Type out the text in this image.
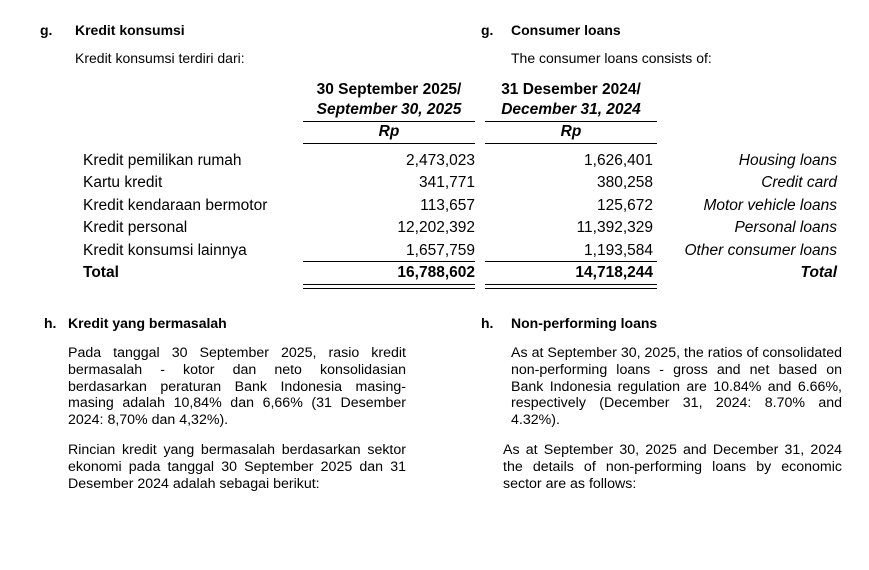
g. Kredit konsumsi
Kredit konsumsi terdiri dari:
g. Consumer loans
The consumer loans consists of:
30 September 2025/
September 30, 2025
Rp
31 Desember 2024/
December 31, 2024
Rp
Kredit pemilikan rumah	2,473,023	1,626,401	Housing loans
Kartu kredit	341,771	380,258	Credit card
Kredit kendaraan bermotor	113,657	125,672	Motor vehicle loans
Kredit personal	12,202,392	11,392,329	Personal loans
Kredit konsumsi lainnya	1,657,759	1,193,584	Other consumer loans
Total	16,788,602	14,718,244	Total
h. Kredit yang bermasalah	h. Non-performing loans
Pada tanggal 30 September 2025, rasio kredit bermasalah - kotor dan neto konsolidasian berdasarkan peraturan Bank Indonesia masing-masing adalah 10,84% dan 6,66% (31 Desember 2024: 8,70% dan 4,32%).
Rincian kredit yang bermasalah berdasarkan sektor ekonomi pada tanggal 30 September 2025 dan 31 Desember 2024 adalah sebagai berikut:
As at September 30, 2025, the ratios of consolidated non-performing loans - gross and net based on Bank Indonesia regulation are 10.84% and 6.66%, respectively (December 31, 2024: 8.70% and 4.32%).
As at September 30, 2025 and December 31, 2024 the details of non-performing loans by economic sector are as follows:
